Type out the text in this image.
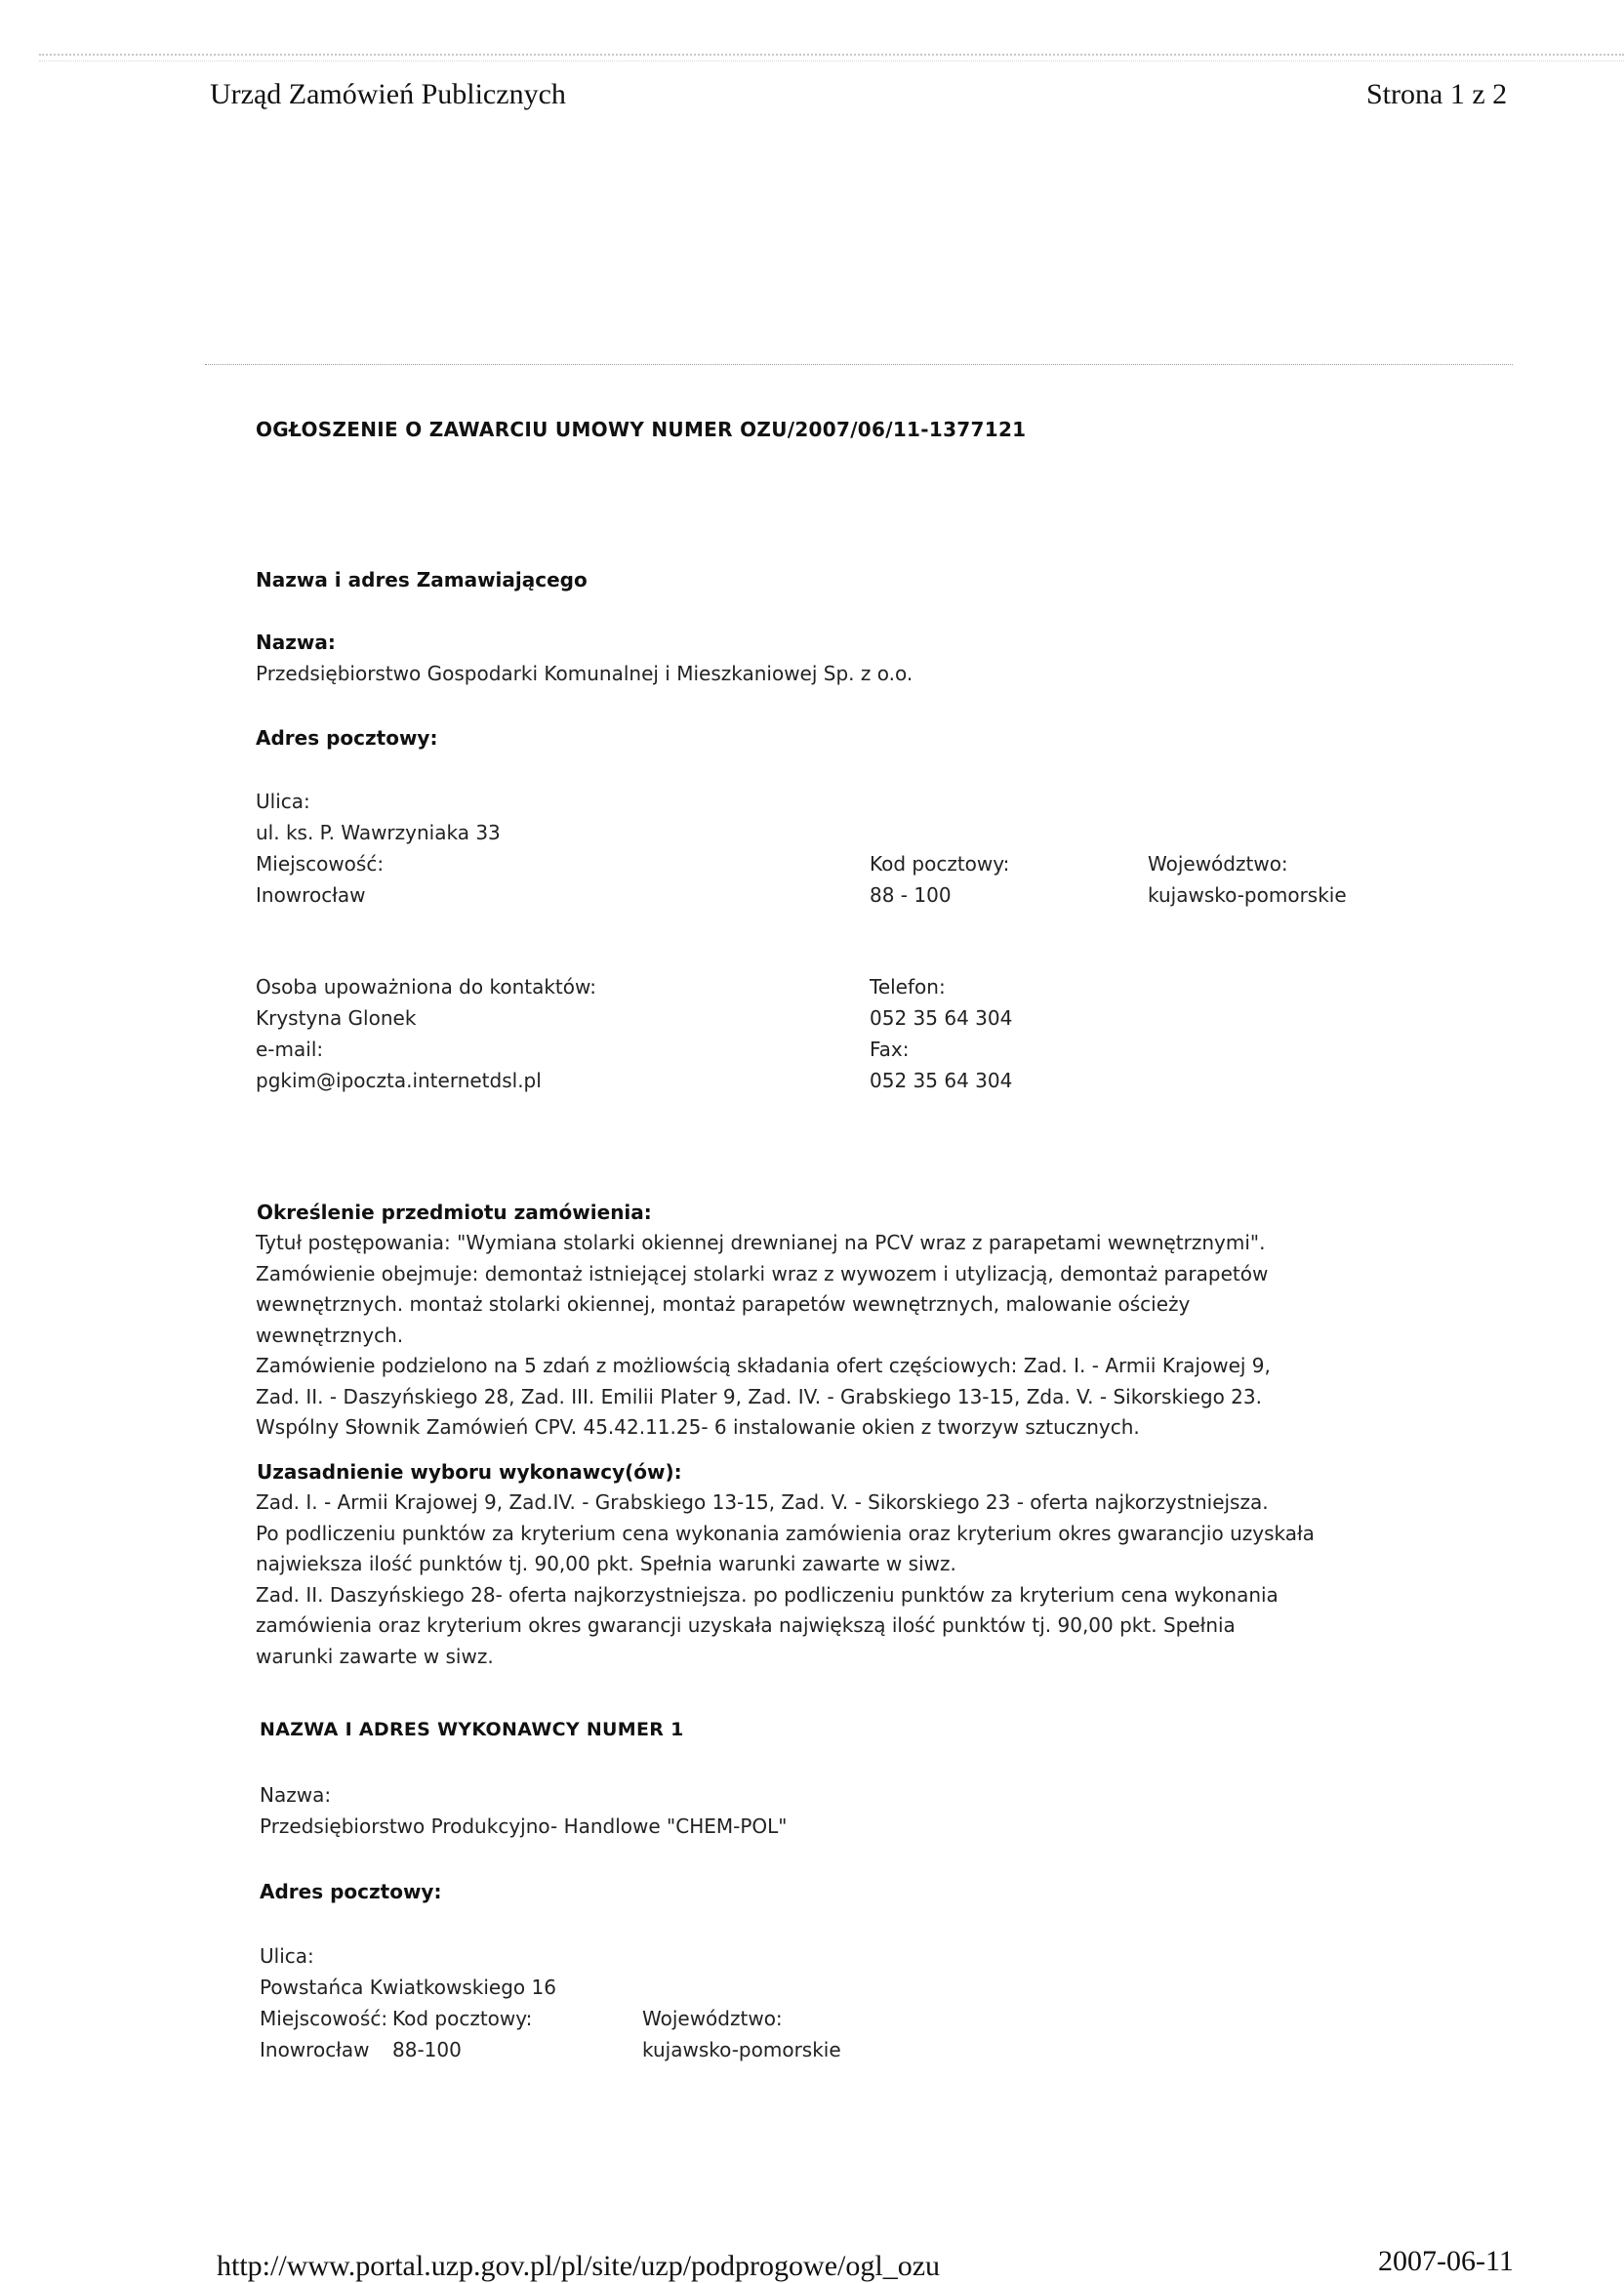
Urząd Zamówień Publicznych	Strona 1 z 2
OGŁOSZENIE O ZAWARCIU UMOWY NUMER OZU/2007/06/11-1377121
Nazwa i adres Zamawiającego
Nazwa:
Przedsiębiorstwo Gospodarki Komunalnej i Mieszkaniowej Sp. z o.o.
Adres pocztowy:
Ulica:
ul. ks. P. Wawrzyniaka 33
Miejscowość:
Inowrocław
Kod pocztowy:
88 - 100
Województwo:
kujawsko-pomorskie
Osoba upoważniona do kontaktów:
Krystyna Glonek
e-mail:
pgkim@ipoczta.internetdsl.pl
Telefon:
052 35 64 304
Fax:
052 35 64 304
Określenie przedmiotu zamówienia:
Tytuł postępowania: "Wymiana stolarki okiennej drewnianej na PCV wraz z parapetami wewnętrznymi".
Zamówienie obejmuje: demontaż istniejącej stolarki wraz z wywozem i utylizacją, demontaż parapetów
wewnętrznych. montaż stolarki okiennej, montaż parapetów wewnętrznych, malowanie ościeży
wewnętrznych.
Zamówienie podzielono na 5 zdań z możliowścią składania ofert częściowych: Zad. I. - Armii Krajowej 9,
Zad. II. - Daszyńskiego 28, Zad. III. Emilii Plater 9, Zad. IV. - Grabskiego 13-15, Zda. V. - Sikorskiego 23.
Wspólny Słownik Zamówień CPV. 45.42.11.25- 6 instalowanie okien z tworzyw sztucznych.
Uzasadnienie wyboru wykonawcy(ów):
Zad. I. - Armii Krajowej 9, Zad.IV. - Grabskiego 13-15, Zad. V. - Sikorskiego 23 - oferta najkorzystniejsza.
Po podliczeniu punktów za kryterium cena wykonania zamówienia oraz kryterium okres gwarancjio uzyskała
najwieksza ilość punktów tj. 90,00 pkt. Spełnia warunki zawarte w siwz.
Zad. II. Daszyńskiego 28- oferta najkorzystniejsza. po podliczeniu punktów za kryterium cena wykonania
zamówienia oraz kryterium okres gwarancji uzyskała największą ilość punktów tj. 90,00 pkt. Spełnia
warunki zawarte w siwz.
NAZWA I ADRES WYKONAWCY NUMER 1
Nazwa:
Przedsiębiorstwo Produkcyjno- Handlowe "CHEM-POL"
Adres pocztowy:
Ulica:
Powstańca Kwiatkowskiego 16
Miejscowość:
Inowrocław
Kod pocztowy:
88-100
Województwo:
kujawsko-pomorskie
http://www.portal.uzp.gov.pl/pl/site/uzp/podprogowe/ogl_ozu	2007-06-11
